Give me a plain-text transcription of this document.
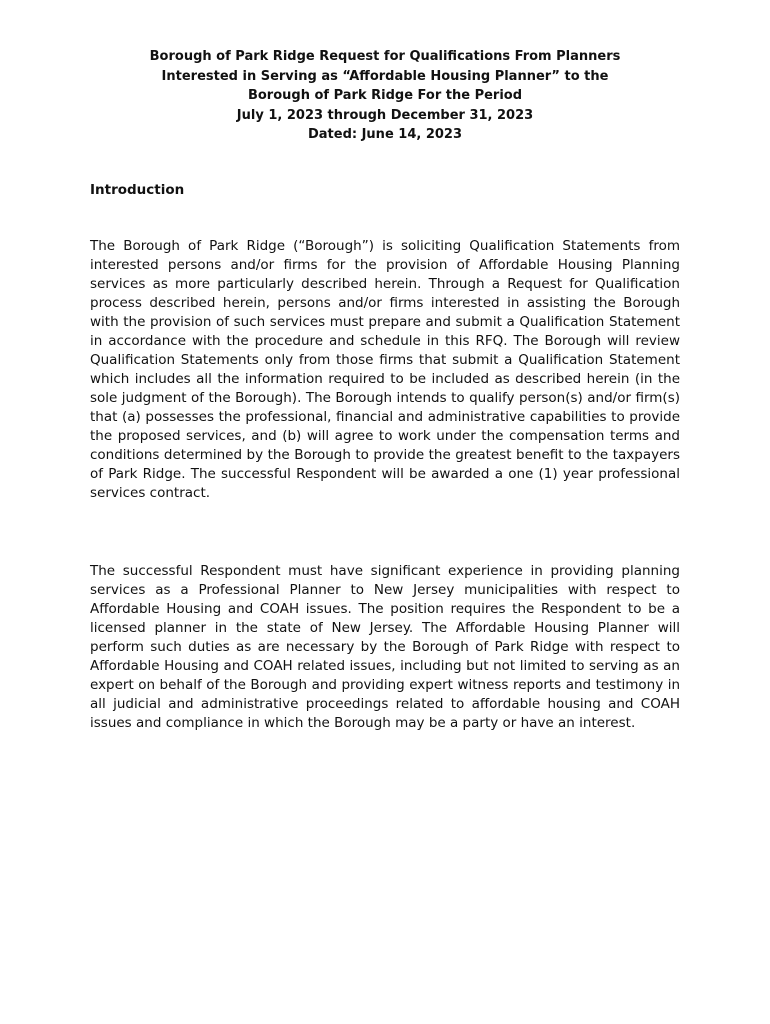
Borough of Park Ridge Request for Qualifications From Planners
Interested in Serving as “Affordable Housing Planner” to the
Borough of Park Ridge For the Period
July 1, 2023 through December 31, 2023
Dated: June 14, 2023
Introduction

The Borough of Park Ridge (“Borough”) is soliciting Qualification Statements from interested persons and/or firms for the provision of Affordable Housing Planning services as more particularly described herein. Through a Request for Qualification process described herein, persons and/or firms interested in assisting the Borough with the provision of such services must prepare and submit a Qualification Statement in accordance with the procedure and schedule in this RFQ. The Borough will review Qualification Statements only from those firms that submit a Qualification Statement which includes all the information required to be included as described herein (in the sole judgment of the Borough). The Borough intends to qualify person(s) and/or firm(s) that (a) possesses the professional, financial and administrative capabilities to provide the proposed services, and (b) will agree to work under the compensation terms and conditions determined by the Borough to provide the greatest benefit to the taxpayers of Park Ridge. The successful Respondent will be awarded a one (1) year professional services contract.

The successful Respondent must have significant experience in providing planning services as a Professional Planner to New Jersey municipalities with respect to Affordable Housing and COAH issues. The position requires the Respondent to be a licensed planner in the state of New Jersey. The Affordable Housing Planner will perform such duties as are necessary by the Borough of Park Ridge with respect to Affordable Housing and COAH related issues, including but not limited to serving as an expert on behalf of the Borough and providing expert witness reports and testimony in all judicial and administrative proceedings related to affordable housing and COAH issues and compliance in which the Borough may be a party or have an interest.
